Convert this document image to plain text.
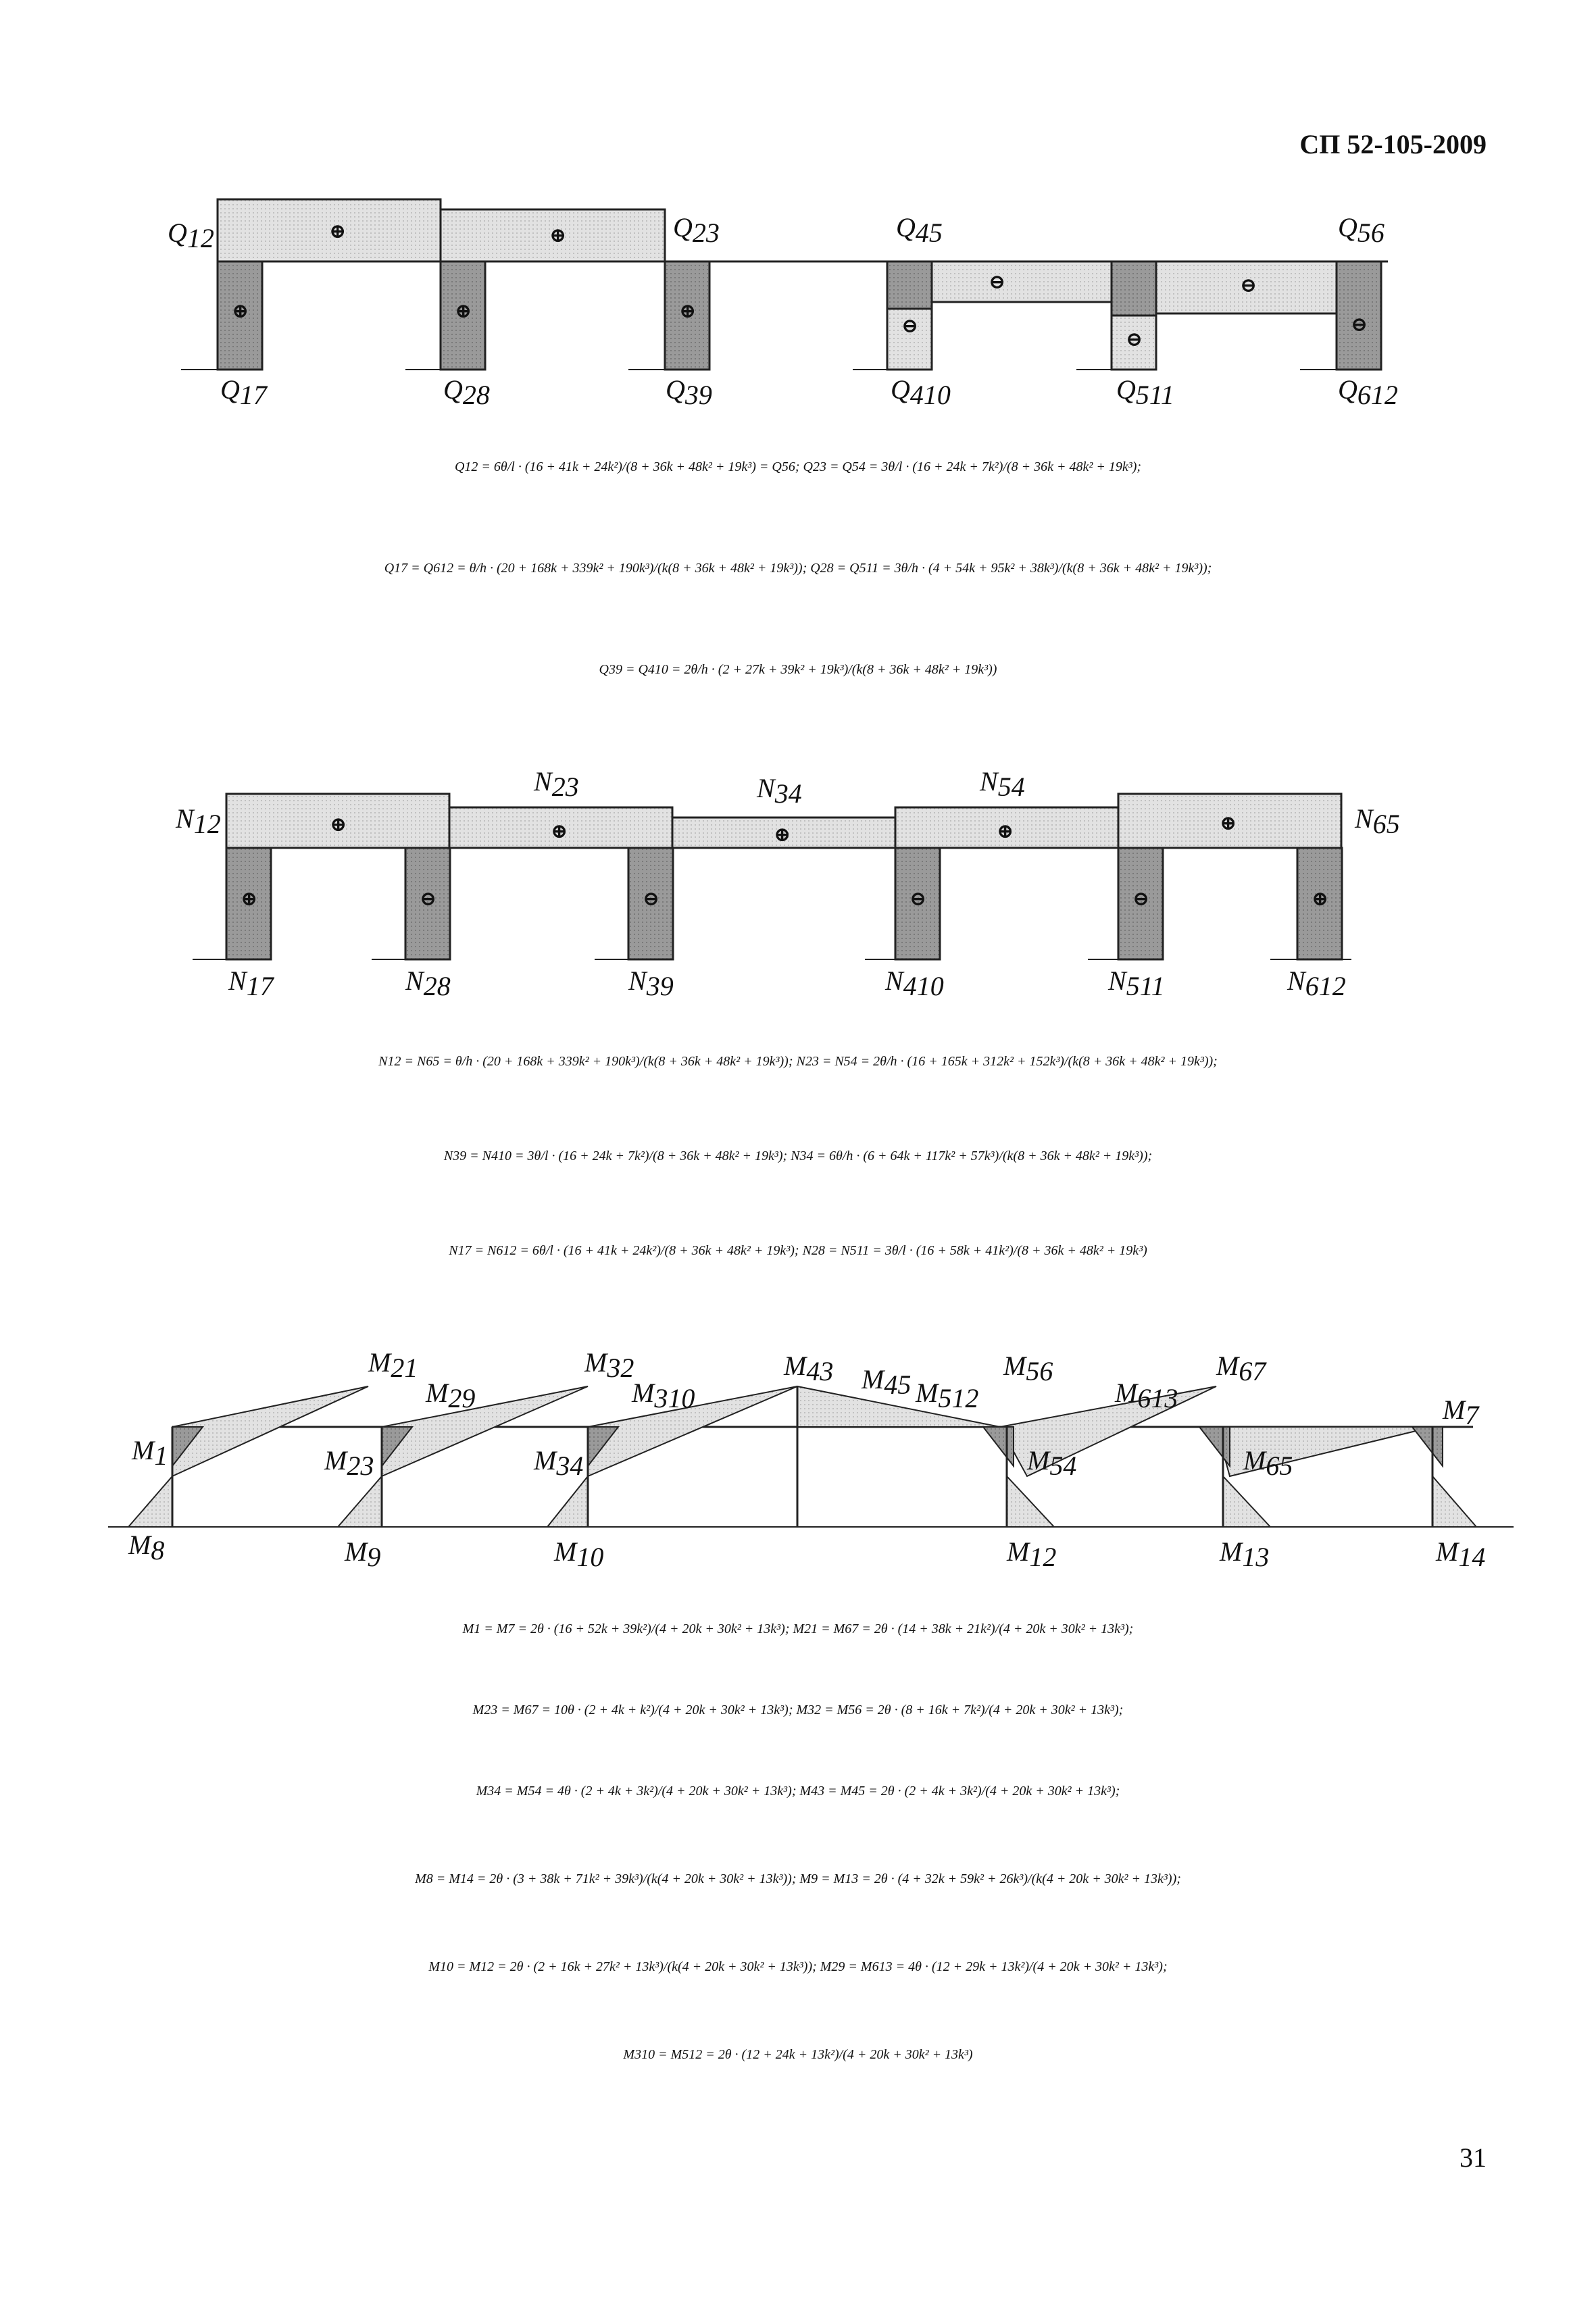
СП 52-105-2009
⊕	⊕
⊕	⊕	⊕
⊖	⊖
⊖
⊖
⊖
Q12	Q23	Q45	Q56
Q17	Q28	Q39	Q410	Q511	Q612
Q12 = 6θ/l · (16 + 41k + 24k²)/(8 + 36k + 48k² + 19k³) = Q56; Q23 = Q54 = 3θ/l · (16 + 24k + 7k²)/(8 + 36k + 48k² + 19k³);
Q17 = Q612 = θ/h · (20 + 168k + 339k² + 190k³)/(k(8 + 36k + 48k² + 19k³)); Q28 = Q511 = 3θ/h · (4 + 54k + 95k² + 38k³)/(k(8 + 36k + 48k² + 19k³));
Q39 = Q410 = 2θ/h · (2 + 27k + 39k² + 19k³)/(k(8 + 36k + 48k² + 19k³))
⊕	⊕	⊕	⊕	⊕
⊕	⊖	⊖	⊖	⊖	⊕
N12
N23	N34	N54
N65
N17	N28	N39	N410	N511	N612
N12 = N65 = θ/h · (20 + 168k + 339k² + 190k³)/(k(8 + 36k + 48k² + 19k³)); N23 = N54 = 2θ/h · (16 + 165k + 312k² + 152k³)/(k(8 + 36k + 48k² + 19k³));
N39 = N410 = 3θ/l · (16 + 24k + 7k²)/(8 + 36k + 48k² + 19k³); N34 = 6θ/h · (6 + 64k + 117k² + 57k³)/(k(8 + 36k + 48k² + 19k³));
N17 = N612 = 6θ/l · (16 + 41k + 24k²)/(8 + 36k + 48k² + 19k³); N28 = N511 = 3θ/l · (16 + 58k + 41k²)/(8 + 36k + 48k² + 19k³)
M21
M29
M32
M310
M43 M45 M512
M56
M613
M67
M7
M1	M23	M34	M54	M65
M8	M9	M10	M12	M13	M14
M1 = M7 = 2θ · (16 + 52k + 39k²)/(4 + 20k + 30k² + 13k³); M21 = M67 = 2θ · (14 + 38k + 21k²)/(4 + 20k + 30k² + 13k³);
M23 = M67 = 10θ · (2 + 4k + k²)/(4 + 20k + 30k² + 13k³); M32 = M56 = 2θ · (8 + 16k + 7k²)/(4 + 20k + 30k² + 13k³);
M34 = M54 = 4θ · (2 + 4k + 3k²)/(4 + 20k + 30k² + 13k³); M43 = M45 = 2θ · (2 + 4k + 3k²)/(4 + 20k + 30k² + 13k³);
M8 = M14 = 2θ · (3 + 38k + 71k² + 39k³)/(k(4 + 20k + 30k² + 13k³)); M9 = M13 = 2θ · (4 + 32k + 59k² + 26k³)/(k(4 + 20k + 30k² + 13k³));
M10 = M12 = 2θ · (2 + 16k + 27k² + 13k³)/(k(4 + 20k + 30k² + 13k³)); M29 = M613 = 4θ · (12 + 29k + 13k²)/(4 + 20k + 30k² + 13k³);
M310 = M512 = 2θ · (12 + 24k + 13k²)/(4 + 20k + 30k² + 13k³)
31
